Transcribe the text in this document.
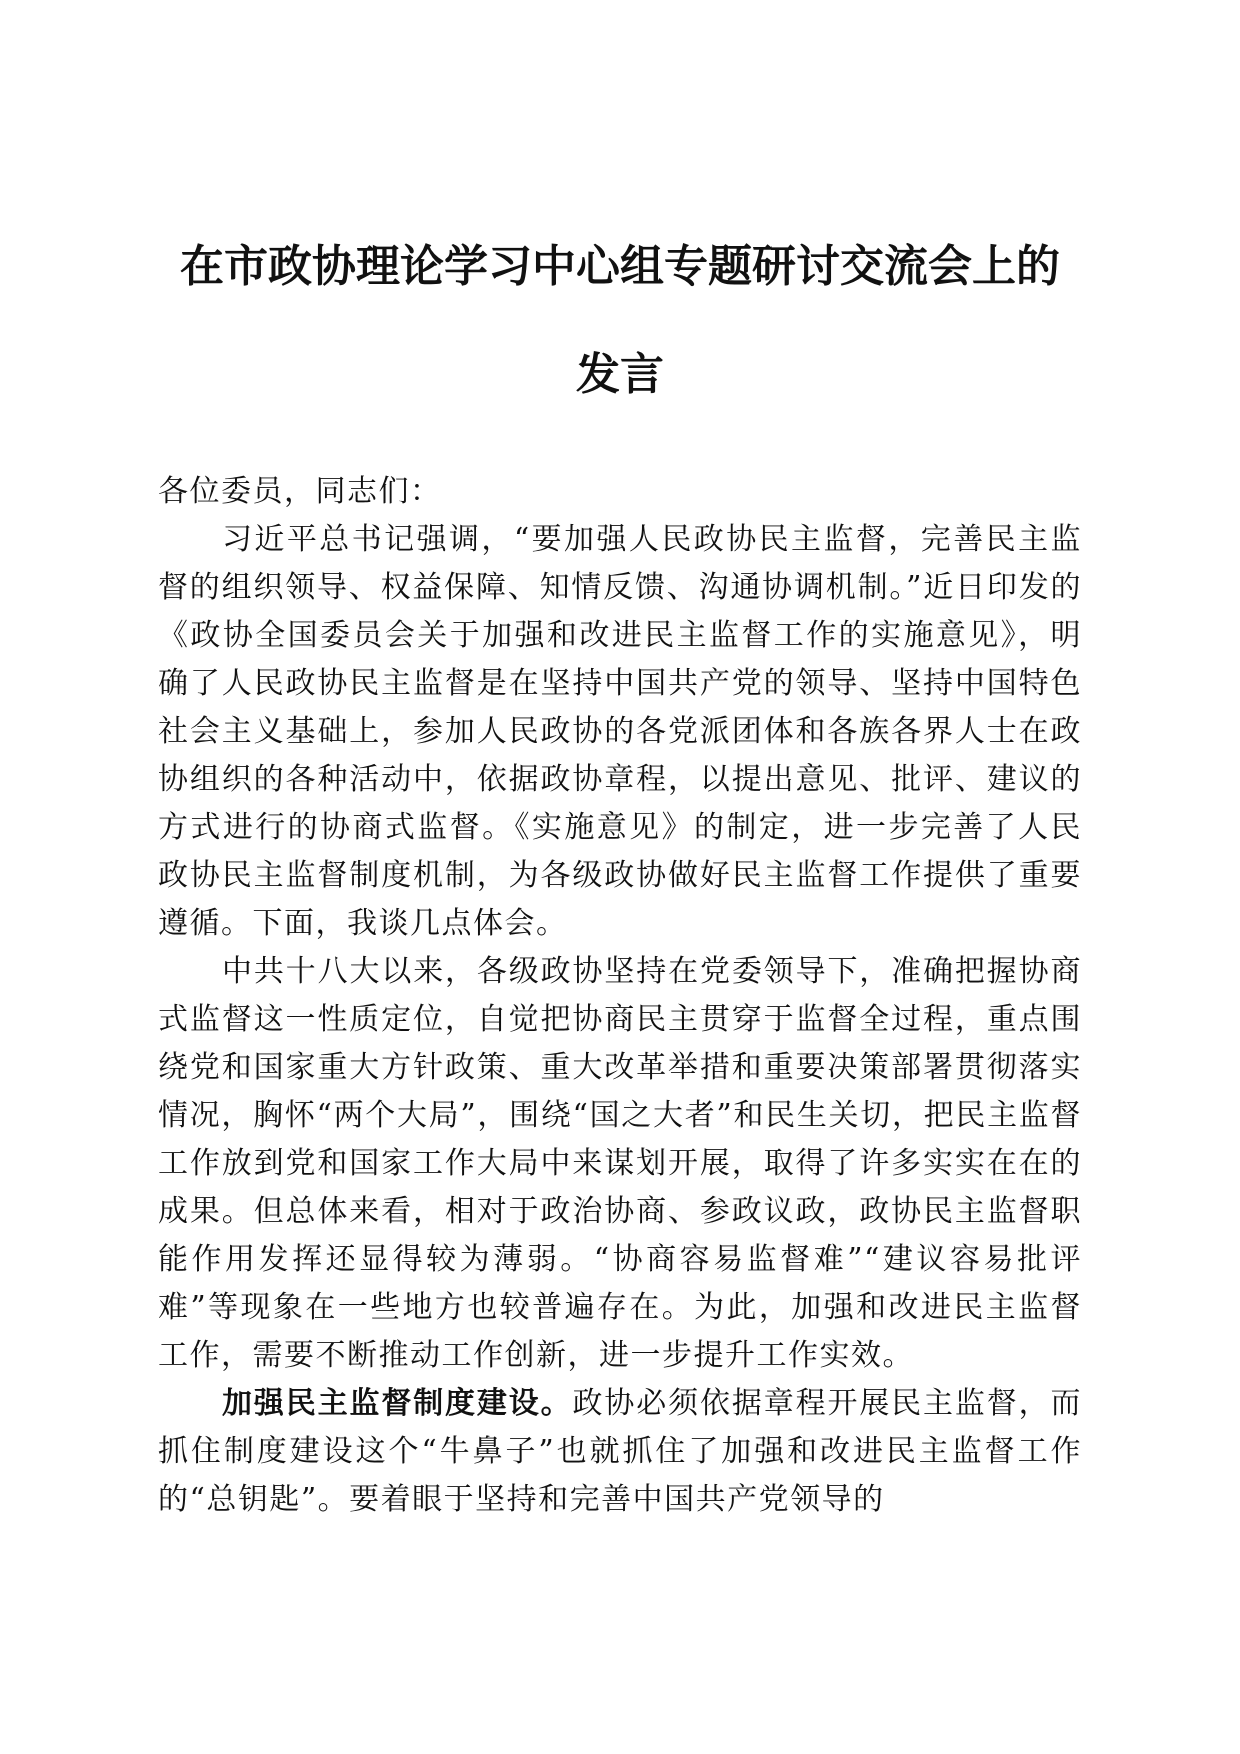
在市政协理论学习中心组专题研讨交流会上的
发言

各位委员，同志们：

习近平总书记强调，“要加强人民政协民主监督，完善民主监督的组织领导、权益保障、知情反馈、沟通协调机制。”近日印发的《政协全国委员会关于加强和改进民主监督工作的实施意见》，明确了人民政协民主监督是在坚持中国共产党的领导、坚持中国特色社会主义基础上，参加人民政协的各党派团体和各族各界人士在政协组织的各种活动中，依据政协章程，以提出意见、批评、建议的方式进行的协商式监督。《实施意见》的制定，进一步完善了人民政协民主监督制度机制，为各级政协做好民主监督工作提供了重要遵循。下面，我谈几点体会。

中共十八大以来，各级政协坚持在党委领导下，准确把握协商式监督这一性质定位，自觉把协商民主贯穿于监督全过程，重点围绕党和国家重大方针政策、重大改革举措和重要决策部署贯彻落实情况，胸怀“两个大局”，围绕“国之大者”和民生关切，把民主监督工作放到党和国家工作大局中来谋划开展，取得了许多实实在在的成果。但总体来看，相对于政治协商、参政议政，政协民主监督职能作用发挥还显得较为薄弱。“协商容易监督难”“建议容易批评难”等现象在一些地方也较普遍存在。为此，加强和改进民主监督工作，需要不断推动工作创新，进一步提升工作实效。

加强民主监督制度建设。政协必须依据章程开展民主监督，而抓住制度建设这个“牛鼻子”也就抓住了加强和改进民主监督工作的“总钥匙”。要着眼于坚持和完善中国共产党领导的
